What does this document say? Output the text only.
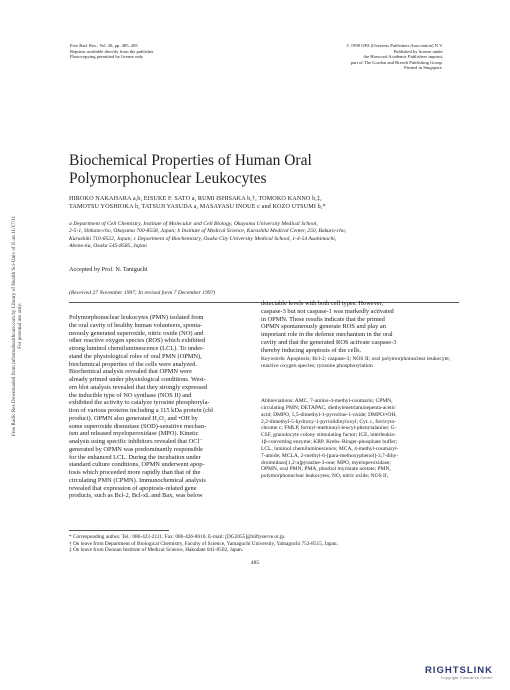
Free Rad. Res., Vol. 28, pp. 485–495
Reprints available directly from the publisher
Photocopying permitted by license only
© 1998 OPA (Overseas Publishers Association) N.V.
Published by license under
the Harwood Academic Publishers imprint,
part of The Gordon and Breach Publishing Group.
Printed in Singapore.
Biochemical Properties of Human Oral
Polymorphonuclear Leukocytes
HIROKO NAKAHARA a,b, EISUKE F. SATO a, RUMI ISHISAKA b,†, TOMOKO KANNO b,‡,
TAMOTSU YOSHIOKA b, TATSUJI YASUDA a, MASAYASU INOUE c and KOZO UTSUMI b,*
a Department of Cell Chemistry, Institute of Molecular and Cell Biology, Okayama University Medical School,
2-5-1, Shikata-cho, Okayama 700-8558, Japan; b Institute of Medical Science, Kurashiki Medical Center, 250, Bakuro-cho,
Kurashiki 710-8522, Japan; c Department of Biochemistry, Osaka City University Medical School, 1-4-54 Asahimachi,
Abeno-ku, Osaka 545-8585, Japan
Accepted by Prof. N. Taniguchi
(Received 27 November 1997; In revised form 7 December 1997)
Polymorphonuclear leukocytes (PMN) isolated from
the oral cavity of healthy human volunteers, sponta-
neously generated superoxide, nitric oxide (NO) and
other reactive oxygen species (ROS) which exhibited
strong luminol chemiluminescence (LCL). To under-
stand the physiological roles of oral PMN (OPMN),
biochemical properties of the cells were analyzed.
Biochemical analysis revealed that OPMN were
already primed under physiological conditions. West-
ern blot analysis revealed that they strongly expressed
the inducible type of NO synthase (NOS II) and
exhibited the activity to catalyze tyrosine phosphoryla-
tion of various proteins including a 115 kDa protein (cbl
product). OPMN also generated H₂O₂ and •OH by
some superoxide dismutase (SOD)-sensitive mechan-
ism and released myeloperoxidase (MPO). Kinetic
analysis using specific inhibitors revealed that OCl⁻
generated by OPMN was predominantly responsible
for the enhanced LCL. During the incubation under
standard culture conditions, OPMN underwent apop-
tosis which proceeded more rapidly than that of the
circulating PMN (CPMN). Immunochemical analysis
revealed that expression of apoptosis-related gene
products, such as Bcl-2, Bcl-xL and Bax, was below
detectable levels with both cell types. However,
caspase-3 but not caspase-1 was markedly activated
in OPMN. These results indicate that the primed
OPMN spontaneously generate ROS and play an
important role in the defense mechanism in the oral
cavity and that the generated ROS activate caspase-3
thereby inducing apoptosis of the cells.
Keywords: Apoptosis; Bcl-2; caspase-3; NOS II; oral polymorphonuclear leukocyte; reactive oxygen species; tyrosine phosphorylation
Abbreviations: AMC, 7-amino-4-methyl-coumarin; CPMN,
circulating PMN; DETAPAC, diethylenetriaminepenta-acetic
acid; DMPO, 5,5-dimethyl-1-pyrroline-1-oxide; DMPO/•OH,
2,2-dimethyl-5-hydroxy-1-pyrrolidinyloxyl; Cyt. c, ferricyto-
chrome c; FMLP, formyl-methionyl-leucyl-phenylalanine; G-
CSF, granulocyte colony stimulating factor; ICE, interleukin-
1β-converting enzyme; KRP, Krebs–Ringer-phosphate buffer;
LCL, luminol chemiluminescence; MCA, 4-methyl-coumaryl-
7-amide; MCLA, 2-methyl-6-[para-methoxyphenol]-3,7-dihy-
droimidazo[1,2-a]pyrazine-3-one; MPO, myeloperoxidase;
OPMN, oral PMN; PMA, phorbol myristate acetate; PMN,
polymorphonuclear leukocytes; NO, nitric oxide; NOS II,
* Corresponding author. Tel.: 086-422-2111. Fax: 086-426-8616. E-mail: [DG2055]@niftyserve.or.jp.
† On leave from Department of Biological Chemistry, Faculty of Science, Yamaguchi University, Yamaguchi 753-8515, Japan.
‡ On leave from Doonan Institute of Medical Science, Hakodate 041-8502, Japan.
485
Free Radic Res Downloaded from informahealthcare.com by Library of Health Sci-Univ of Il on 11/17/11 For personal use only.
RIGHTSLINK
Copyright Clearance Center
